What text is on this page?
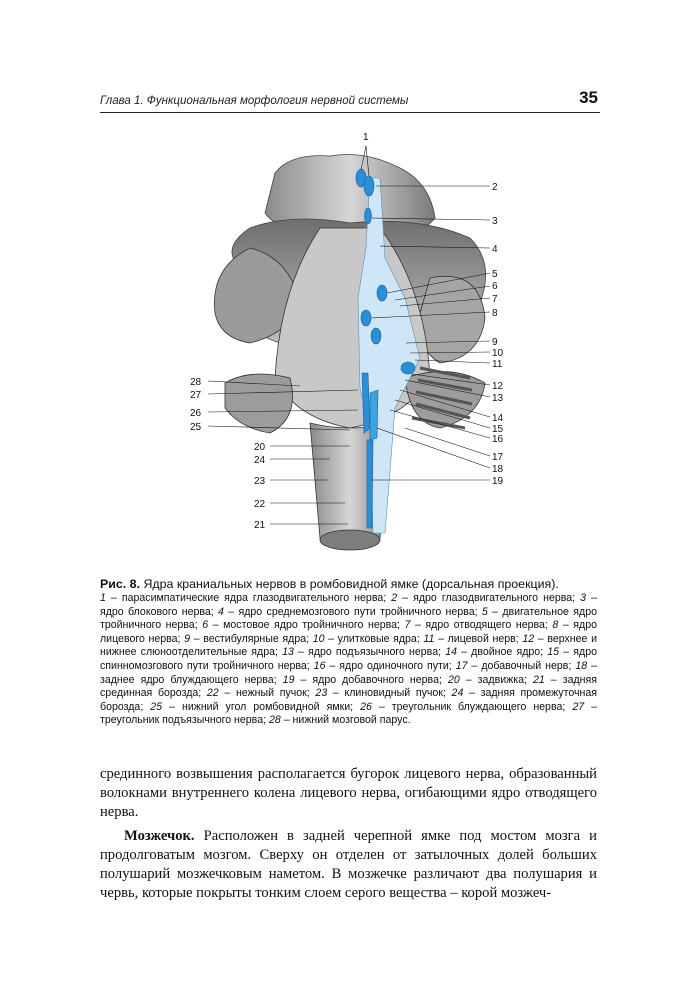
Глава 1. Функциональная морфология нервной системы	35
1
2
3
4
5
6
7
8
9
10
11
12
13
14
15
16
17
18
19
28
27
26
25
20
24
23
22
21
Рис. 8. Ядра краниальных нервов в ромбовидной ямке (дорсальная проекция).
1 – парасимпатические ядра глазодвигательного нерва; 2 – ядро глазодвигательного нерва; 3 – ядро блокового нерва; 4 – ядро среднемозгового пути тройничного нерва; 5 – двигательное ядро тройничного нерва; 6 – мостовое ядро тройничного нерва; 7 – ядро отводящего нерва; 8 – ядро лицевого нерва; 9 – вестибулярные ядра; 10 – улитковые ядра; 11 – лицевой нерв; 12 – верхнее и нижнее слюноотделительные ядра; 13 – ядро подъязычного нерва; 14 – двойное ядро; 15 – ядро спинномозгового пути тройничного нерва; 16 – ядро одиночного пути; 17 – добавочный нерв; 18 – заднее ядро блуждающего нерва; 19 – ядро добавочного нерва; 20 – задвижка; 21 – задняя срединная борозда; 22 – нежный пучок; 23 – клиновидный пучок; 24 – задняя промежуточная борозда; 25 – нижний угол ромбовидной ямки; 26 – треугольник блуждающего нерва; 27 – треугольник подъязычного нерва; 28 – нижний мозговой парус.

срединного возвышения располагается бугорок лицевого нерва, образованный волокнами внутреннего колена лицевого нерва, огибающими ядро отводящего нерва.

Мозжечок. Расположен в задней черепной ямке под мостом мозга и продолговатым мозгом. Сверху он отделен от затылочных долей больших полушарий мозжечковым наметом. В мозжечке различают два полушария и червь, которые покрыты тонким слоем серого вещества – корой мозжеч-
